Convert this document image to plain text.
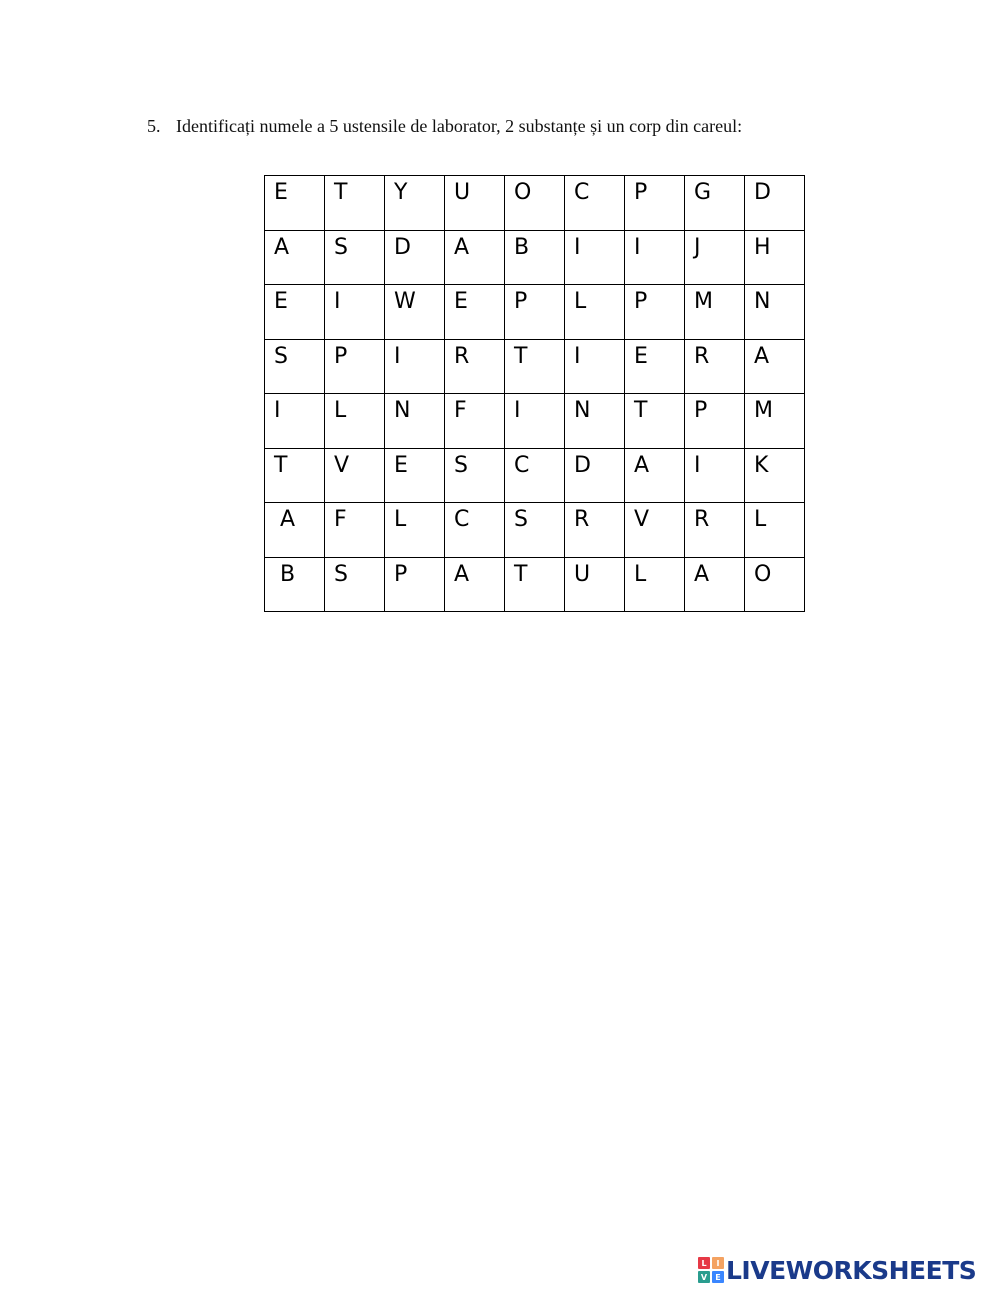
5. Identificați numele a 5 ustensile de laborator, 2 substanțe și un corp din careul:
E	T	Y	U	O	C	P	G	D
A	S	D	A	B	I	I	J	H
E	I	W	E	P	L	P	M	N
S	P	I	R	T	I	E	R	A
I	L	N	F	I	N	T	P	M
T	V	E	S	C	D	A	I	K
A	F	L	C	S	R	V	R	L
B	S	P	A	T	U	L	A	O
L	I
V	E LIVEWORKSHEETS
